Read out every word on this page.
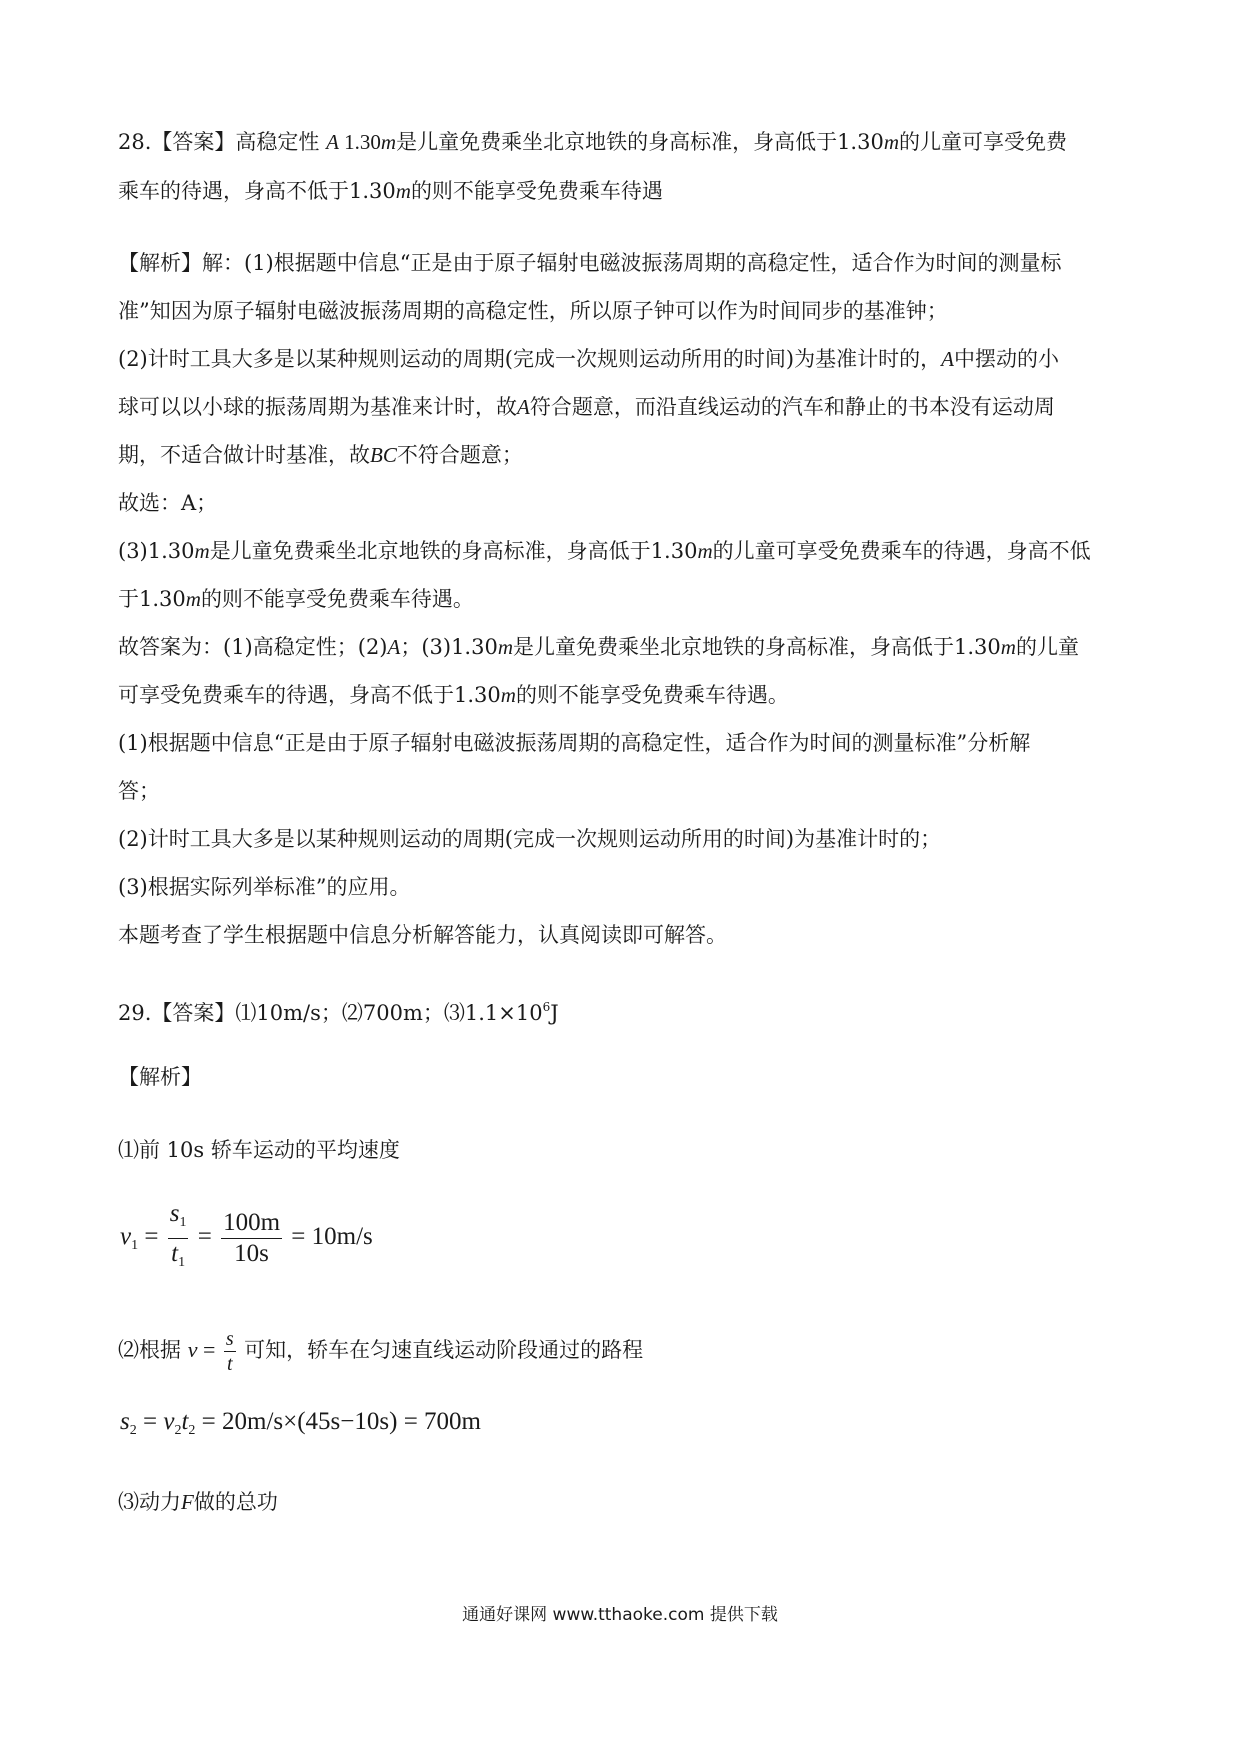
28.【答案】高稳定性 A 1.30m是儿童免费乘坐北京地铁的身高标准，身高低于1.30m的儿童可享受免费
乘车的待遇，身高不低于1.30m的则不能享受免费乘车待遇
【解析】解：(1)根据题中信息“正是由于原子辐射电磁波振荡周期的高稳定性，适合作为时间的测量标
准”知因为原子辐射电磁波振荡周期的高稳定性，所以原子钟可以作为时间同步的基准钟；
(2)计时工具大多是以某种规则运动的周期(完成一次规则运动所用的时间)为基准计时的，A中摆动的小
球可以以小球的振荡周期为基准来计时，故A符合题意，而沿直线运动的汽车和静止的书本没有运动周
期，不适合做计时基准，故BC不符合题意；
故选：A；
(3)1.30m是儿童免费乘坐北京地铁的身高标准，身高低于1.30m的儿童可享受免费乘车的待遇，身高不低
于1.30m的则不能享受免费乘车待遇。
故答案为：(1)高稳定性；(2)A；(3)1.30m是儿童免费乘坐北京地铁的身高标准，身高低于1.30m的儿童
可享受免费乘车的待遇，身高不低于1.30m的则不能享受免费乘车待遇。
(1)根据题中信息“正是由于原子辐射电磁波振荡周期的高稳定性，适合作为时间的测量标准”分析解
答；
(2)计时工具大多是以某种规则运动的周期(完成一次规则运动所用的时间)为基准计时的；
(3)根据实际列举标准”的应用。
本题考查了学生根据题中信息分析解答能力，认真阅读即可解答。
29.【答案】⑴10m/s；⑵700m；$⑶1.1\times 10^6J$
【解析】
⑴前 10s 轿车运动的平均速度
$v_1 = \frac{s_1}{t_1} = \frac{100m}{10s} = 10m/s$
⑵根据 $v = \frac{s}{t}$ 可知，轿车在匀速直线运动阶段通过的路程
$s_2 = v_2t_2 = 20m/s\times(45s-10s) = 700m$
⑶动力F做的总功
通通好课网 www.tthaoke.com 提供下载
